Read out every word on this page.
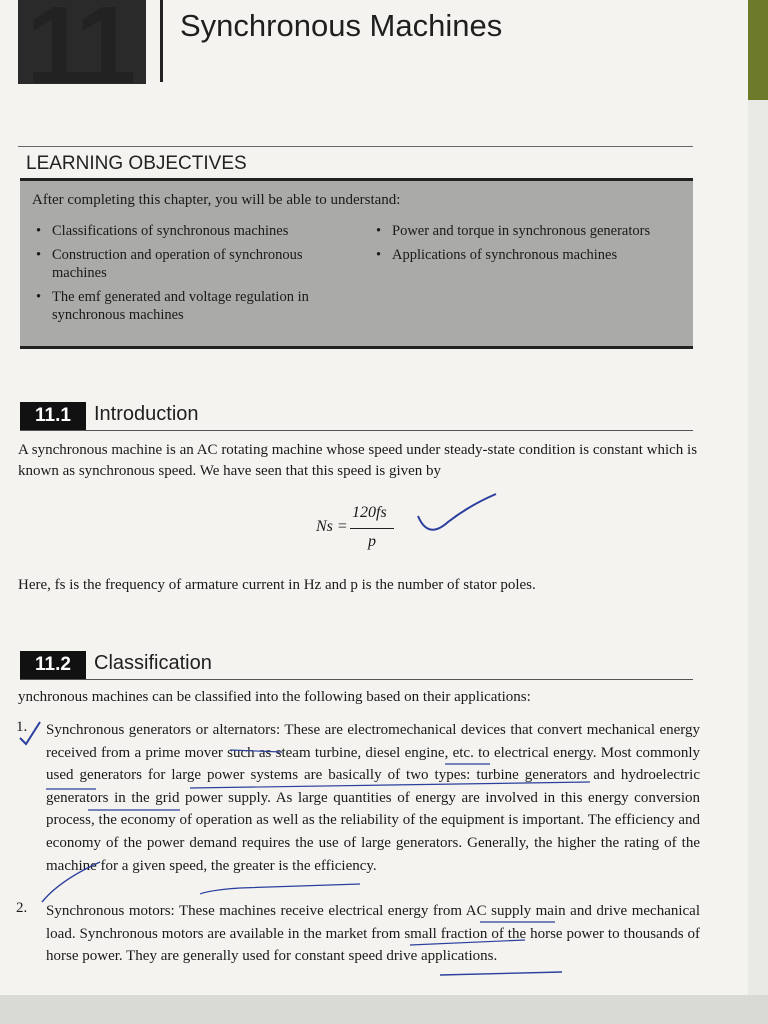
11 Synchronous Machines
LEARNING OBJECTIVES
After completing this chapter, you will be able to understand:
• Classifications of synchronous machines
• Construction and operation of synchronous machines
• The emf generated and voltage regulation in synchronous machines
• Power and torque in synchronous generators
• Applications of synchronous machines
11.1	Introduction

A synchronous machine is an AC rotating machine whose speed under steady-state condition is constant which is known as synchronous speed. We have seen that this speed is given by

Ns =
120fs
p

Here, fs is the frequency of armature current in Hz and p is the number of stator poles.

11.2	Classification

ynchronous machines can be classified into the following based on their applications:

1. Synchronous generators or alternators: These are electromechanical devices that convert mechanical energy received from a prime mover such as steam turbine, diesel engine, etc. to electrical energy. Most commonly used generators for large power systems are basically of two types: turbine generators and hydroelectric generators in the grid power supply. As large quantities of energy are involved in this energy conversion process, the economy of operation as well as the reliability of the equipment is important. The efficiency and economy of the power demand requires the use of large generators. Generally, the higher the rating of the machine for a given speed, the greater is the efficiency.

2. Synchronous motors: These machines receive electrical energy from AC supply main and drive mechanical load. Synchronous motors are available in the market from small fraction of the horse power to thousands of horse power. They are generally used for constant speed drive applications.
